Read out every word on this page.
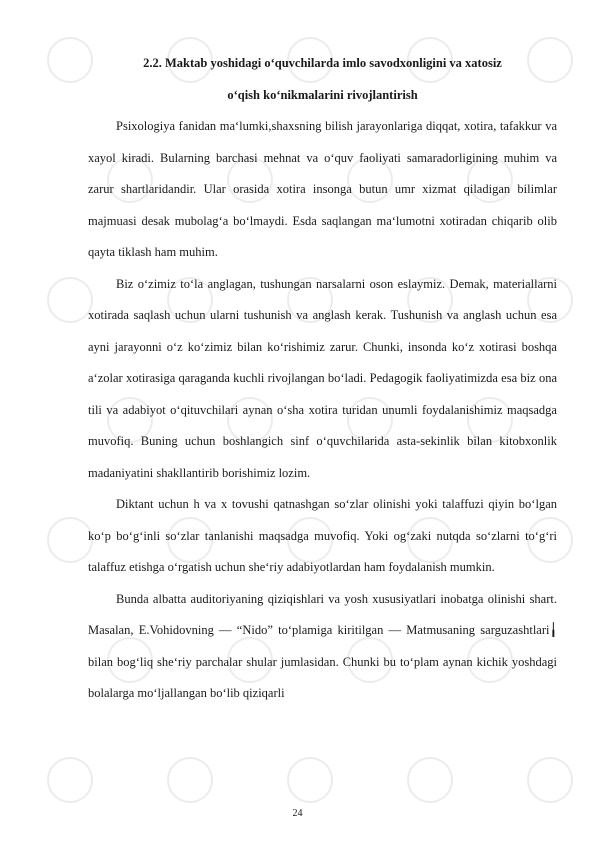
2.2. Maktab yoshidagi o‘quvchilarda imlo savodxonligini va xatosiz

o‘qish ko‘nikmalarini rivojlantirish

Psixologiya fanidan ma‘lumki,shaxsning bilish jarayonlariga diqqat, xotira, tafakkur va xayol kiradi. Bularning barchasi mehnat va o‘quv faoliyati samaradorligining muhim va zarur shartlaridandir. Ular orasida xotira insonga butun umr xizmat qiladigan bilimlar majmuasi desak mubolag‘a bo‘lmaydi. Esda saqlangan ma‘lumotni xotiradan chiqarib olib qayta tiklash ham muhim.

Biz o‘zimiz to‘la anglagan, tushungan narsalarni oson eslaymiz. Demak, materiallarni xotirada saqlash uchun ularni tushunish va anglash kerak. Tushunish va anglash uchun esa ayni jarayonni o‘z ko‘zimiz bilan ko‘rishimiz zarur. Chunki, insonda ko‘z xotirasi boshqa a‘zolar xotirasiga qaraganda kuchli rivojlangan bo‘ladi. Pedagogik faoliyatimizda esa biz ona tili va adabiyot o‘qituvchilari aynan o‘sha xotira turidan unumli foydalanishimiz maqsadga muvofiq. Buning uchun boshlangich sinf o‘quvchilarida asta-sekinlik bilan kitobxonlik madaniyatini shakllantirib borishimiz lozim.

Diktant uchun h va x tovushi qatnashgan so‘zlar olinishi yoki talaffuzi qiyin bo‘lgan ko‘p bo‘g‘inli so‘zlar tanlanishi maqsadga muvofiq. Yoki og‘zaki nutqda so‘zlarni to‘g‘ri talaffuz etishga o‘rgatish uchun she‘riy adabiyotlardan ham foydalanish mumkin.

Bunda albatta auditoriyaning qiziqishlari va yosh xususiyatlari inobatga olinishi shart. Masalan, E.Vohidovning — “Nido” to‘plamiga kiritilgan — Matmusaning sarguzashtlari╽ bilan bog‘liq she‘riy parchalar shular jumlasidan. Chunki bu to‘plam aynan kichik yoshdagi bolalarga mo‘ljallangan bo‘lib qiziqarli

24
